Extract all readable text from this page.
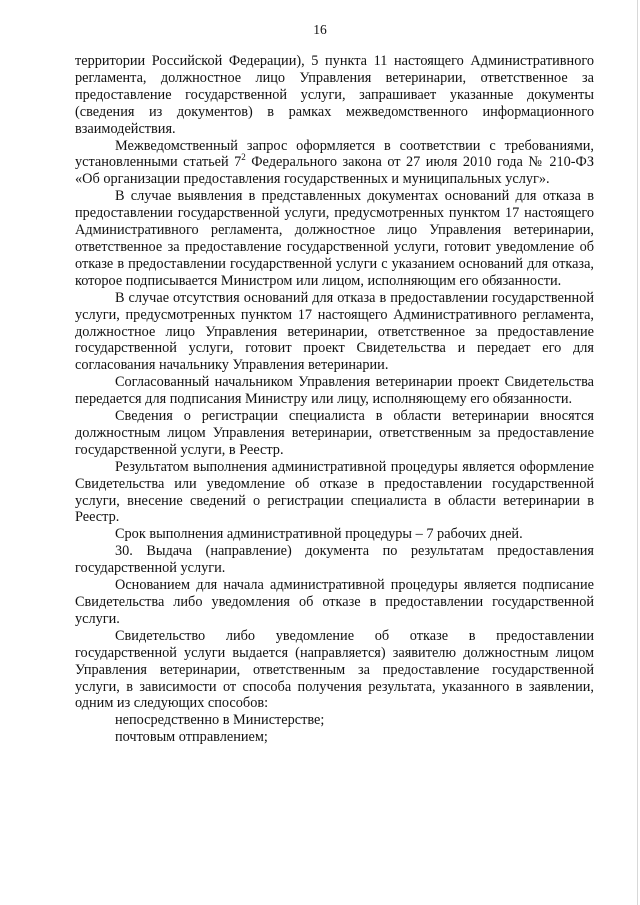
16

территории Российской Федерации), 5 пункта 11 настоящего Административного регламента, должностное лицо Управления ветеринарии, ответственное за предоставление государственной услуги, запрашивает указанные документы (сведения из документов) в рамках межведомственного информационного взаимодействия.

Межведомственный запрос оформляется в соответствии с требованиями, установленными статьей $7^2$ Федерального закона от 27 июля 2010 года № 210-ФЗ «Об организации предоставления государственных и муниципальных услуг».

В случае выявления в представленных документах оснований для отказа в предоставлении государственной услуги, предусмотренных пунктом 17 настоящего Административного регламента, должностное лицо Управления ветеринарии, ответственное за предоставление государственной услуги, готовит уведомление об отказе в предоставлении государственной услуги с указанием оснований для отказа, которое подписывается Министром или лицом, исполняющим его обязанности.

В случае отсутствия оснований для отказа в предоставлении государственной услуги, предусмотренных пунктом 17 настоящего Административного регламента, должностное лицо Управления ветеринарии, ответственное за предоставление государственной услуги, готовит проект Свидетельства и передает его для согласования начальнику Управления ветеринарии.

Согласованный начальником Управления ветеринарии проект Свидетельства передается для подписания Министру или лицу, исполняющему его обязанности.

Сведения о регистрации специалиста в области ветеринарии вносятся должностным лицом Управления ветеринарии, ответственным за предоставление государственной услуги, в Реестр.

Результатом выполнения административной процедуры является оформление Свидетельства или уведомление об отказе в предоставлении государственной услуги, внесение сведений о регистрации специалиста в области ветеринарии в Реестр.

Срок выполнения административной процедуры – 7 рабочих дней.

30. Выдача (направление) документа по результатам предоставления государственной услуги.

Основанием для начала административной процедуры является подписание Свидетельства либо уведомления об отказе в предоставлении государственной услуги.

Свидетельство либо уведомление об отказе в предоставлении государственной услуги выдается (направляется) заявителю должностным лицом Управления ветеринарии, ответственным за предоставление государственной услуги, в зависимости от способа получения результата, указанного в заявлении, одним из следующих способов:

непосредственно в Министерстве;

почтовым отправлением;
